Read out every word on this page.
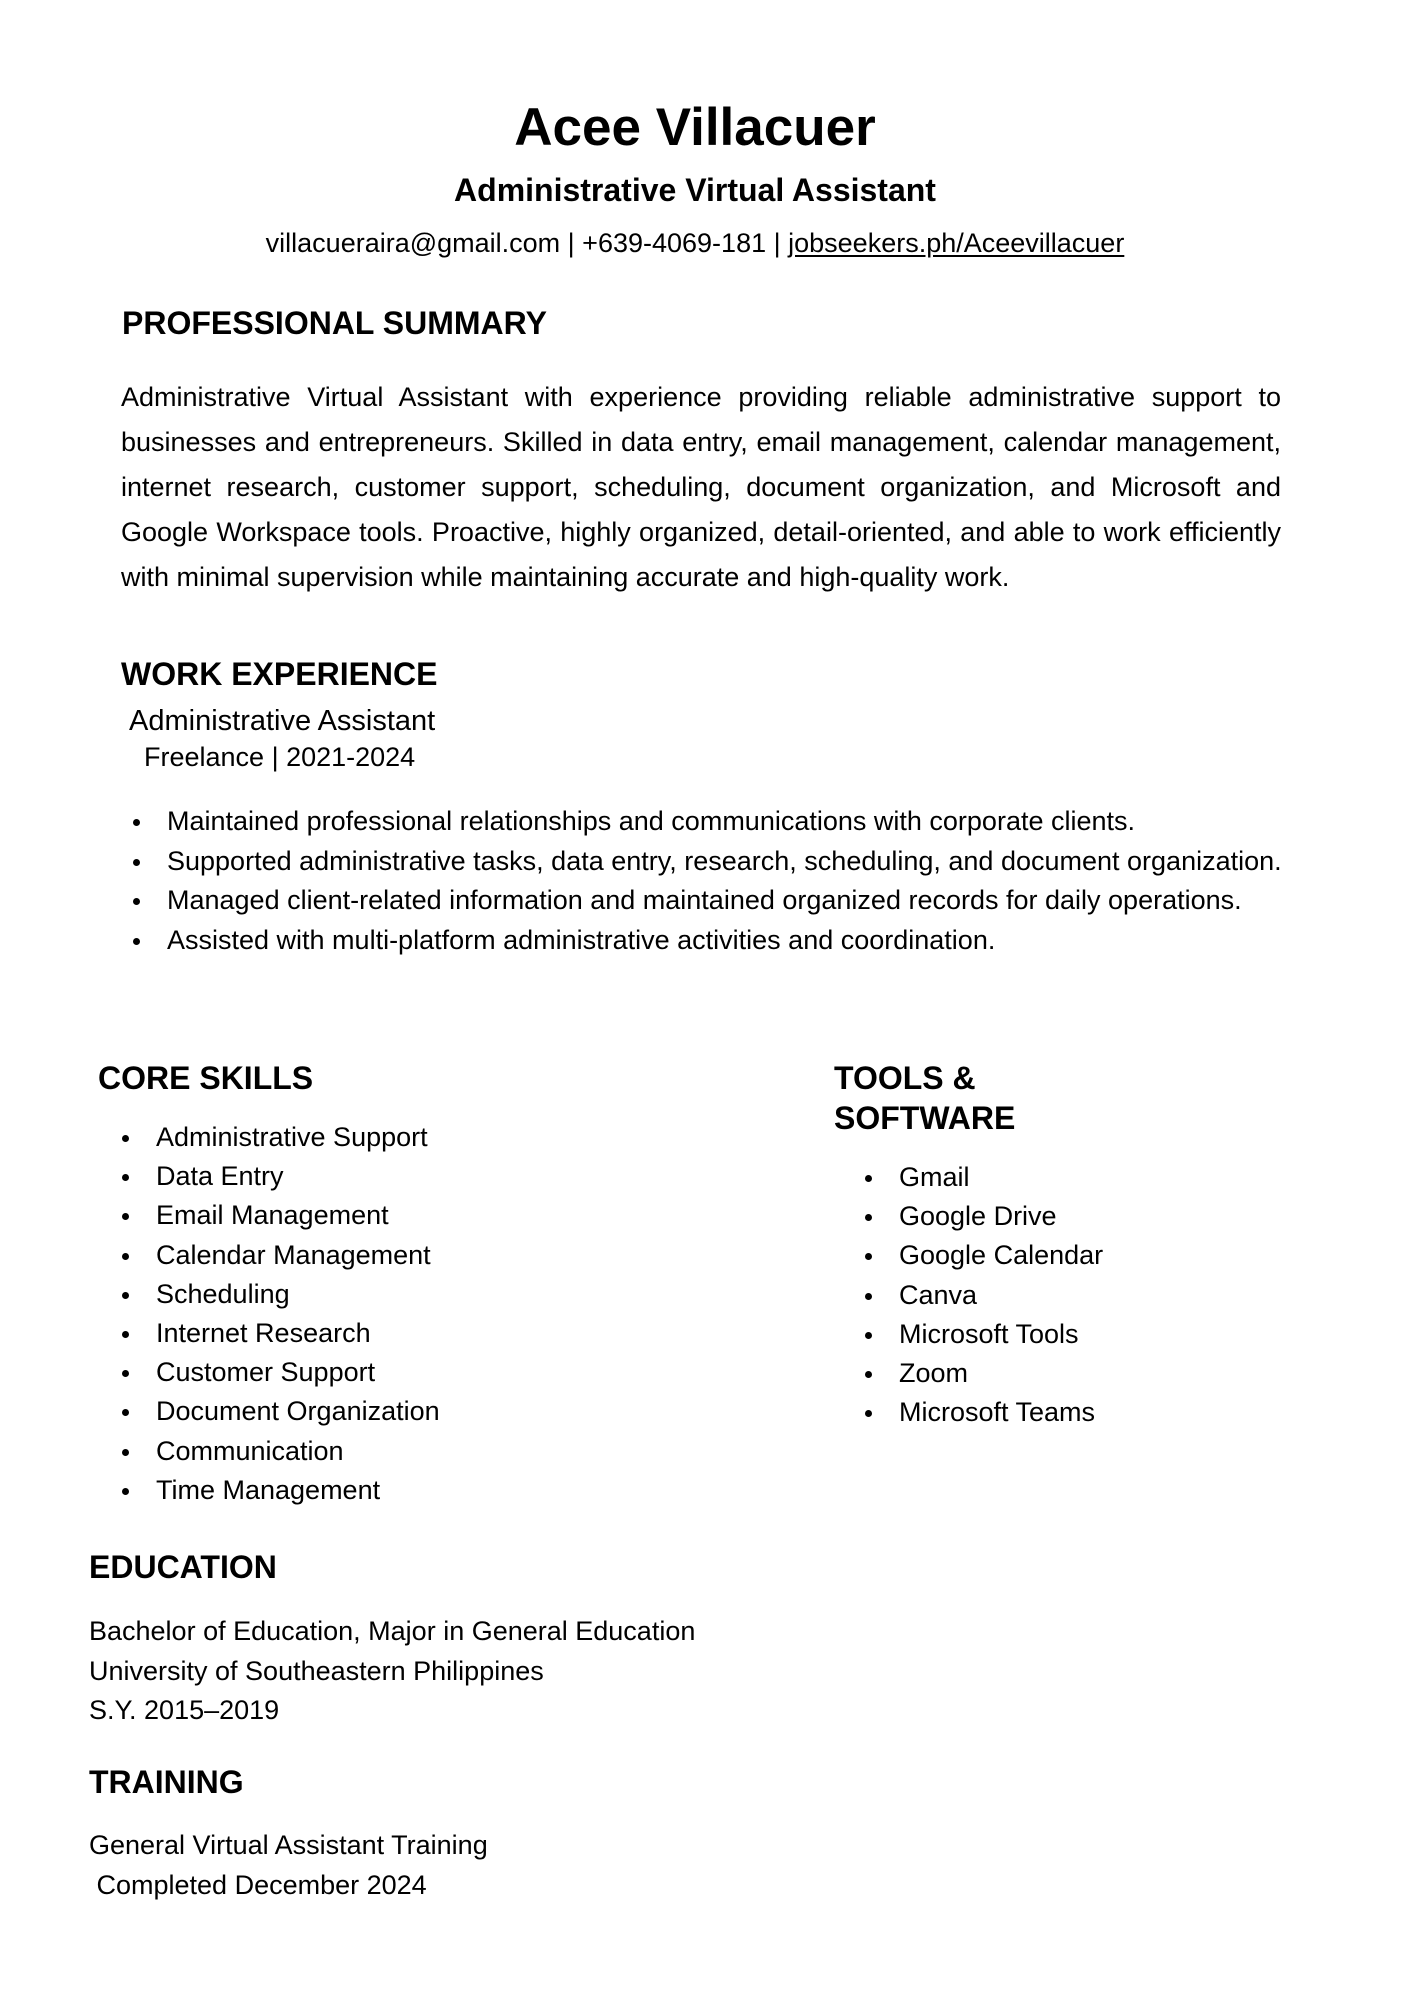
Acee Villacuer
Administrative Virtual Assistant
villacueraira@gmail.com | +639-4069-181 | jobseekers.ph/Aceevillacuer
PROFESSIONAL SUMMARY

Administrative Virtual Assistant with experience providing reliable administrative support to businesses and entrepreneurs. Skilled in data entry, email management, calendar management, internet research, customer support, scheduling, document organization, and Microsoft and Google Workspace tools. Proactive, highly organized, detail-oriented, and able to work efficiently with minimal supervision while maintaining accurate and high-quality work.

WORK EXPERIENCE
Administrative Assistant
Freelance | 2021-2024
Maintained professional relationships and communications with corporate clients.
Supported administrative tasks, data entry, research, scheduling, and document organization.
Managed client-related information and maintained organized records for daily operations.
Assisted with multi-platform administrative activities and coordination.
CORE SKILLS
Administrative Support
Data Entry
Email Management
Calendar Management
Scheduling
Internet Research
Customer Support
Document Organization
Communication
Time Management
TOOLS &
SOFTWARE
Gmail
Google Drive
Google Calendar
Canva
Microsoft Tools
Zoom
Microsoft Teams
EDUCATION
Bachelor of Education, Major in General Education
University of Southeastern Philippines
S.Y. 2015–2019
TRAINING
General Virtual Assistant Training
Completed December 2024
